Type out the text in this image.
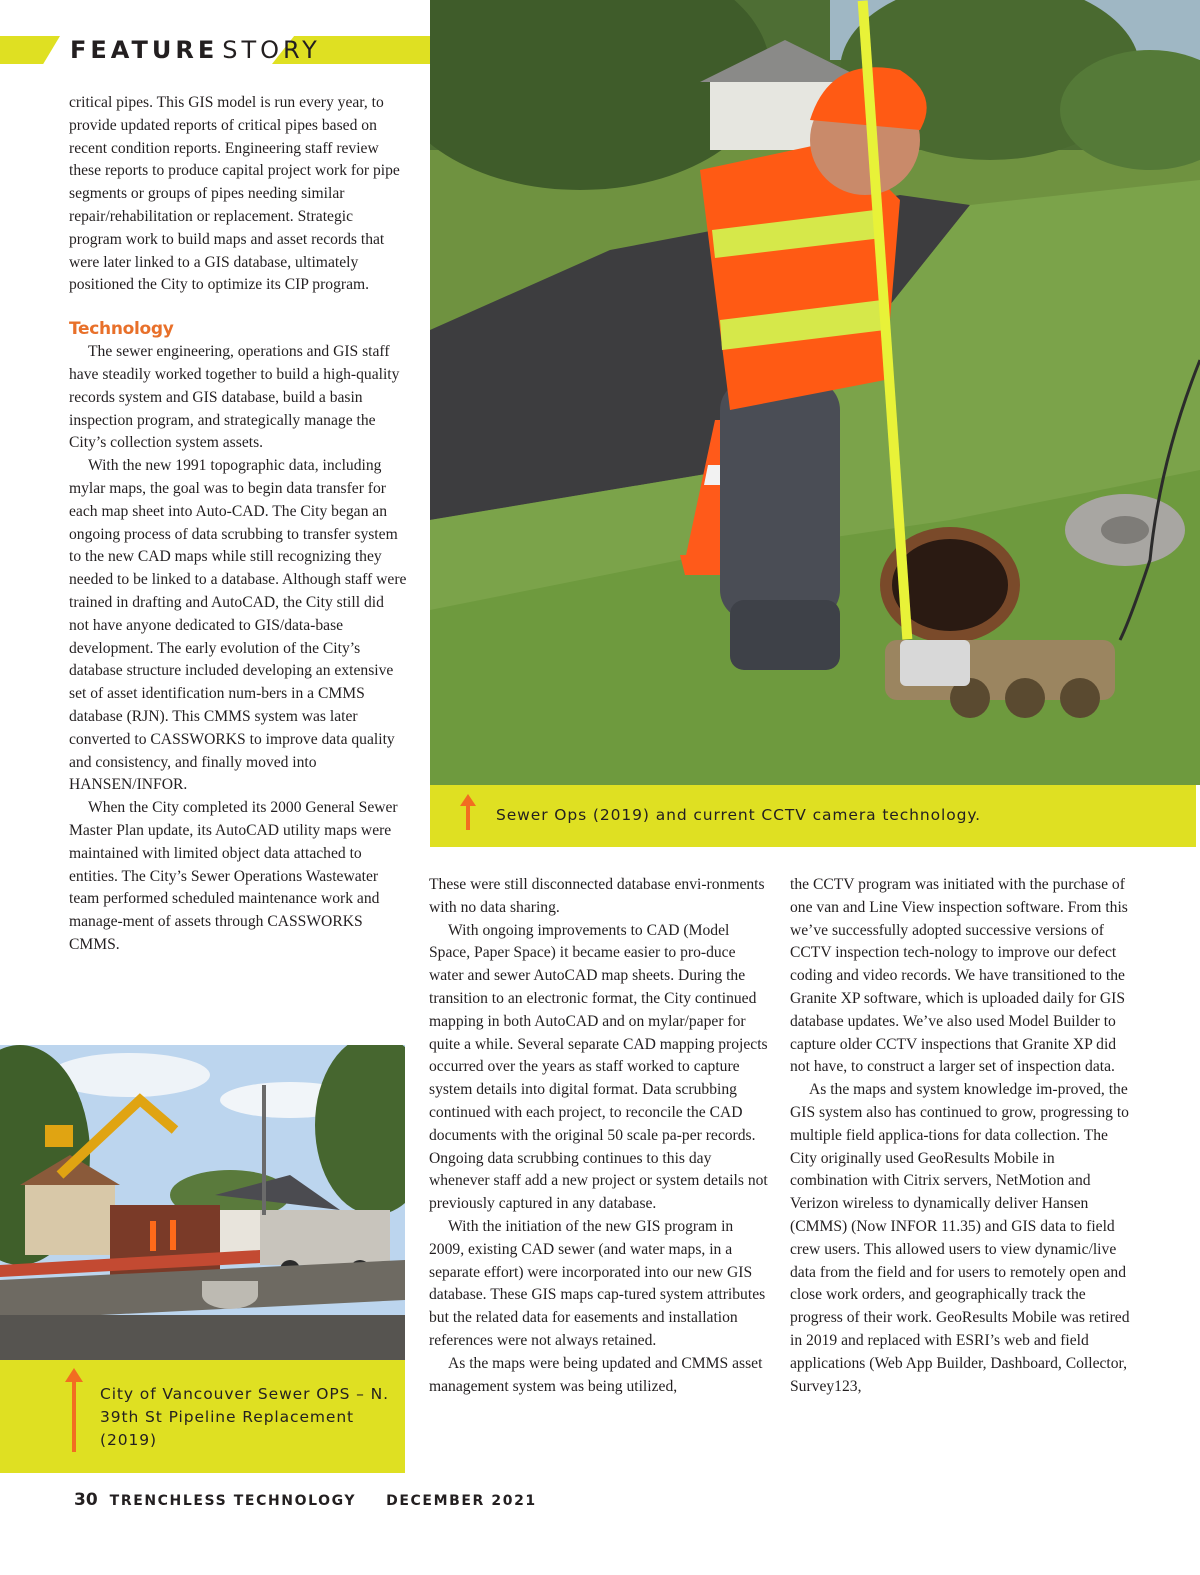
FEATURE STORY

critical pipes. This GIS model is run every year, to provide updated reports of critical pipes based on recent condition reports. Engineering staff review these reports to produce capital project work for pipe segments or groups of pipes needing similar repair/rehabilitation or replacement. Strategic program work to build maps and asset records that were later linked to a GIS database, ultimately positioned the City to optimize its CIP program.

Technology

The sewer engineering, operations and GIS staff have steadily worked together to build a high-quality records system and GIS database, build a basin inspection program, and strategically manage the City’s collection system assets.

With the new 1991 topographic data, including mylar maps, the goal was to begin data transfer for each map sheet into Auto-CAD. The City began an ongoing process of data scrubbing to transfer system to the new CAD maps while still recognizing they needed to be linked to a database. Although staff were trained in drafting and AutoCAD, the City still did not have anyone dedicated to GIS/data-base development. The early evolution of the City’s database structure included developing an extensive set of asset identification num-bers in a CMMS database (RJN). This CMMS system was later converted to CASSWORKS to improve data quality and consistency, and finally moved into HANSEN/INFOR.

When the City completed its 2000 General Sewer Master Plan update, its AutoCAD utility maps were maintained with limited object data attached to entities. The City’s Sewer Operations Wastewater team performed scheduled maintenance work and manage-ment of assets through CASSWORKS CMMS.

Sewer Ops (2019) and current CCTV camera technology.

These were still disconnected database envi-ronments with no data sharing.

With ongoing improvements to CAD (Model Space, Paper Space) it became easier to pro-duce water and sewer AutoCAD map sheets. During the transition to an electronic format, the City continued mapping in both AutoCAD and on mylar/paper for quite a while. Several separate CAD mapping projects occurred over the years as staff worked to capture system details into digital format. Data scrubbing continued with each project, to reconcile the CAD documents with the original 50 scale pa-per records. Ongoing data scrubbing continues to this day whenever staff add a new project or system details not previously captured in any database.

With the initiation of the new GIS program in 2009, existing CAD sewer (and water maps, in a separate effort) were incorporated into our new GIS database. These GIS maps cap-tured system attributes but the related data for easements and installation references were not always retained.

As the maps were being updated and CMMS asset management system was being utilized,

the CCTV program was initiated with the purchase of one van and Line View inspection software. From this we’ve successfully adopted successive versions of CCTV inspection tech-nology to improve our defect coding and video records. We have transitioned to the Granite XP software, which is uploaded daily for GIS database updates. We’ve also used Model Builder to capture older CCTV inspections that Granite XP did not have, to construct a larger set of inspection data.

As the maps and system knowledge im-proved, the GIS system also has continued to grow, progressing to multiple field applica-tions for data collection. The City originally used GeoResults Mobile in combination with Citrix servers, NetMotion and Verizon wireless to dynamically deliver Hansen (CMMS) (Now INFOR 11.35) and GIS data to field crew users. This allowed users to view dynamic/live data from the field and for users to remotely open and close work orders, and geographically track the progress of their work. GeoResults Mobile was retired in 2019 and replaced with ESRI’s web and field applications (Web App Builder, Dashboard, Collector, Survey123,

City of Vancouver Sewer OPS – N. 39th St Pipeline Replacement (2019)
30 TRENCHLESS TECHNOLOGY DECEMBER 2021
